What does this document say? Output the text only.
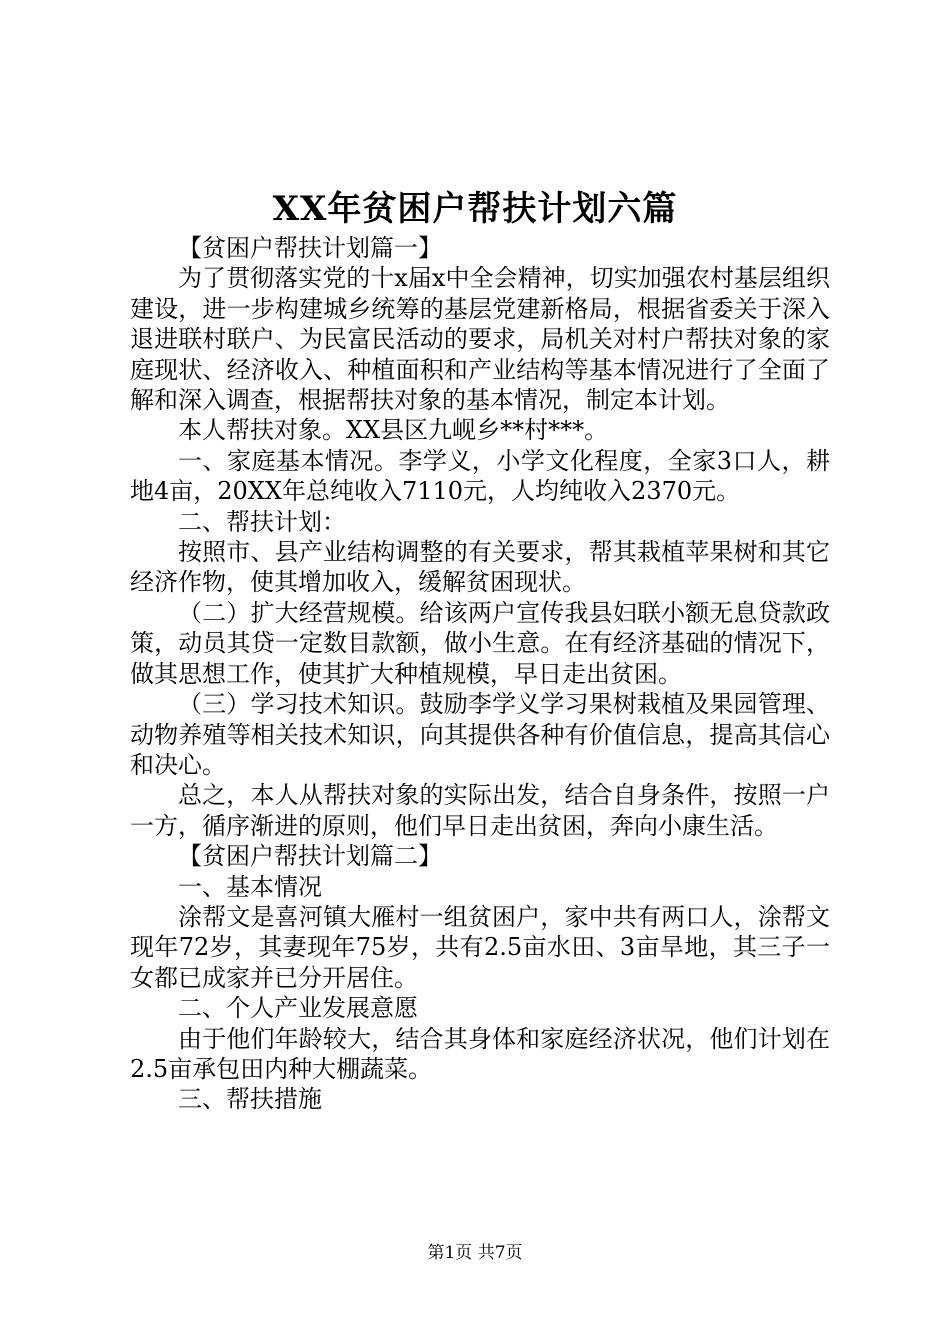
XX年贫困户帮扶计划六篇

【贫困户帮扶计划篇一】

为了贯彻落实党的十x届x中全会精神，切实加强农村基层组织建设，进一步构建城乡统筹的基层党建新格局，根据省委关于深入退进联村联户、为民富民活动的要求，局机关对村户帮扶对象的家庭现状、经济收入、种植面积和产业结构等基本情况进行了全面了解和深入调查，根据帮扶对象的基本情况，制定本计划。

本人帮扶对象。XX县区九岘乡**村***。

一、家庭基本情况。李学义，小学文化程度，全家3口人，耕地4亩，20XX年总纯收入7110元，人均纯收入2370元。

二、帮扶计划：

按照市、县产业结构调整的有关要求，帮其栽植苹果树和其它经济作物，使其增加收入，缓解贫困现状。

（二）扩大经营规模。给该两户宣传我县妇联小额无息贷款政策，动员其贷一定数目款额，做小生意。在有经济基础的情况下，做其思想工作，使其扩大种植规模，早日走出贫困。

（三）学习技术知识。鼓励李学义学习果树栽植及果园管理、动物养殖等相关技术知识，向其提供各种有价值信息，提高其信心和决心。

总之，本人从帮扶对象的实际出发，结合自身条件，按照一户一方，循序渐进的原则，他们早日走出贫困，奔向小康生活。

【贫困户帮扶计划篇二】

一、基本情况

涂帮文是喜河镇大雁村一组贫困户，家中共有两口人，涂帮文现年72岁，其妻现年75岁，共有2.5亩水田、3亩旱地，其三子一女都已成家并已分开居住。

二、个人产业发展意愿

由于他们年龄较大，结合其身体和家庭经济状况，他们计划在2.5亩承包田内种大棚蔬菜。

三、帮扶措施

第1页 共7页
